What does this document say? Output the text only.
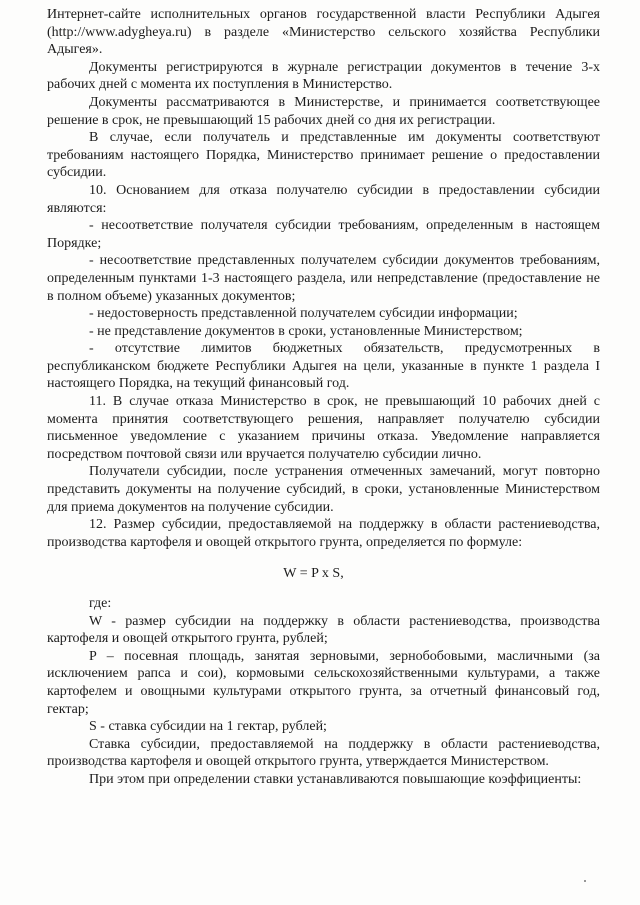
Интернет-сайте исполнительных органов государственной власти Республики Адыгея (http://www.adygheya.ru) в разделе «Министерство сельского хозяйства Республики Адыгея».

Документы регистрируются в журнале регистрации документов в течение 3-х рабочих дней с момента их поступления в Министерство.

Документы рассматриваются в Министерстве, и принимается соответствующее решение в срок, не превышающий 15 рабочих дней со дня их регистрации.

В случае, если получатель и представленные им документы соответствуют требованиям настоящего Порядка, Министерство принимает решение о предоставлении субсидии.

10. Основанием для отказа получателю субсидии в предоставлении субсидии являются:

- несоответствие получателя субсидии требованиям, определенным в настоящем Порядке;

- несоответствие представленных получателем субсидии документов требованиям, определенным пунктами 1-3 настоящего раздела, или непредставление (предоставление не в полном объеме) указанных документов;

- недостоверность представленной получателем субсидии информации;

- не представление документов в сроки, установленные Министерством;

- отсутствие лимитов бюджетных обязательств, предусмотренных в республиканском бюджете Республики Адыгея на цели, указанные в пункте 1 раздела I настоящего Порядка, на текущий финансовый год.

11. В случае отказа Министерство в срок, не превышающий 10 рабочих дней с момента принятия соответствующего решения, направляет получателю субсидии письменное уведомление с указанием причины отказа. Уведомление направляется посредством почтовой связи или вручается получателю субсидии лично.

Получатели субсидии, после устранения отмеченных замечаний, могут повторно представить документы на получение субсидий, в сроки, установленные Министерством для приема документов на получение субсидии.

12. Размер субсидии, предоставляемой на поддержку в области растениеводства, производства картофеля и овощей открытого грунта, определяется по формуле:

W = P x S,

где:

W - размер субсидии на поддержку в области растениеводства, производства картофеля и овощей открытого грунта, рублей;

P – посевная площадь, занятая зерновыми, зернобобовыми, масличными (за исключением рапса и сои), кормовыми сельскохозяйственными культурами, а также картофелем и овощными культурами открытого грунта, за отчетный финансовый год, гектар;

S - ставка субсидии на 1 гектар, рублей;

Ставка субсидии, предоставляемой на поддержку в области растениеводства, производства картофеля и овощей открытого грунта, утверждается Министерством.

При этом при определении ставки устанавливаются повышающие коэффициенты:
